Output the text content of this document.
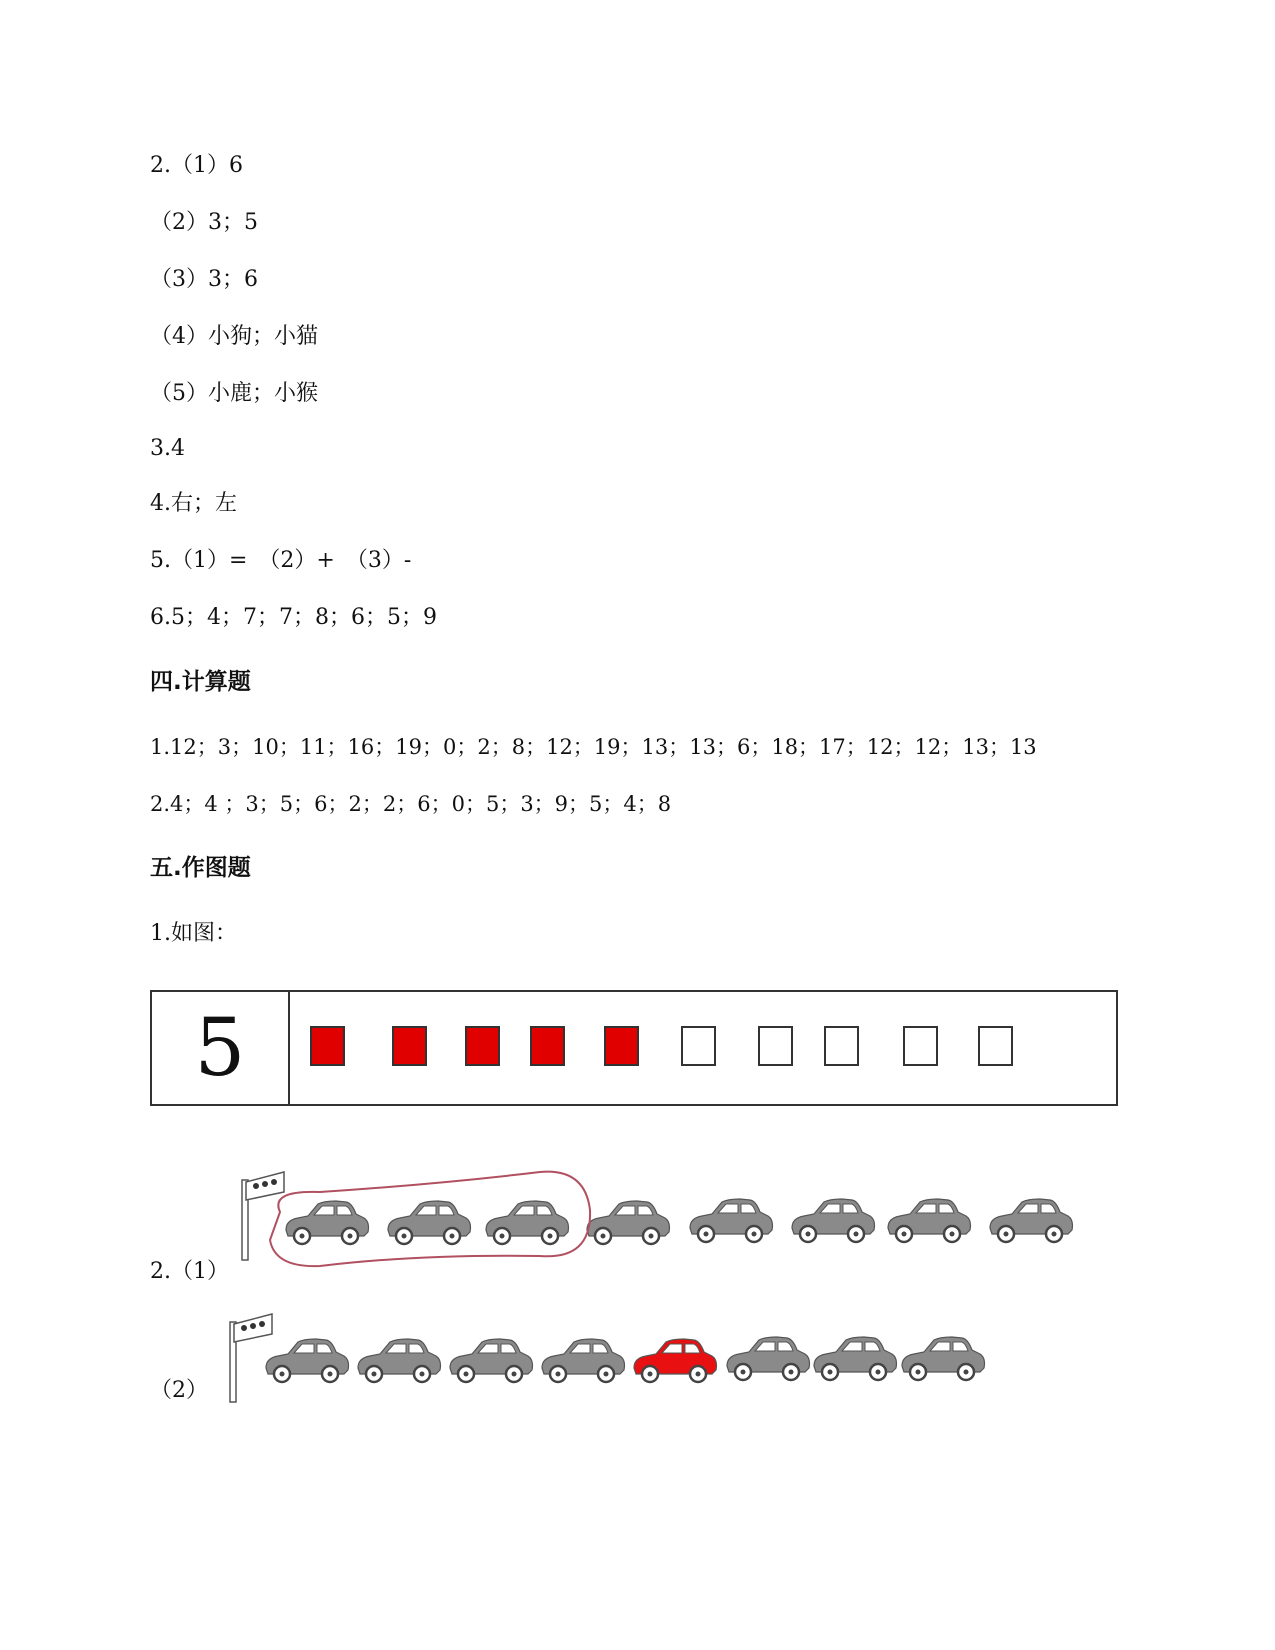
2.（1）6
（2）3；5
（3）3；6
（4）小狗；小猫
（5）小鹿；小猴
3.4
4.右；左
5.（1）=　（2）+　（3）-
6.5；4；7；7；8；6；5；9
四.计算题
1.12；3；10；11；16；19；0；2；8；12；19；13；13；6；18；17；12；12；13；13
2.4；4 ；3；5；6；2；2；6；0；5；3；9；5；4；8
五.作图题
1.如图：
5
2.（1）
（2）
